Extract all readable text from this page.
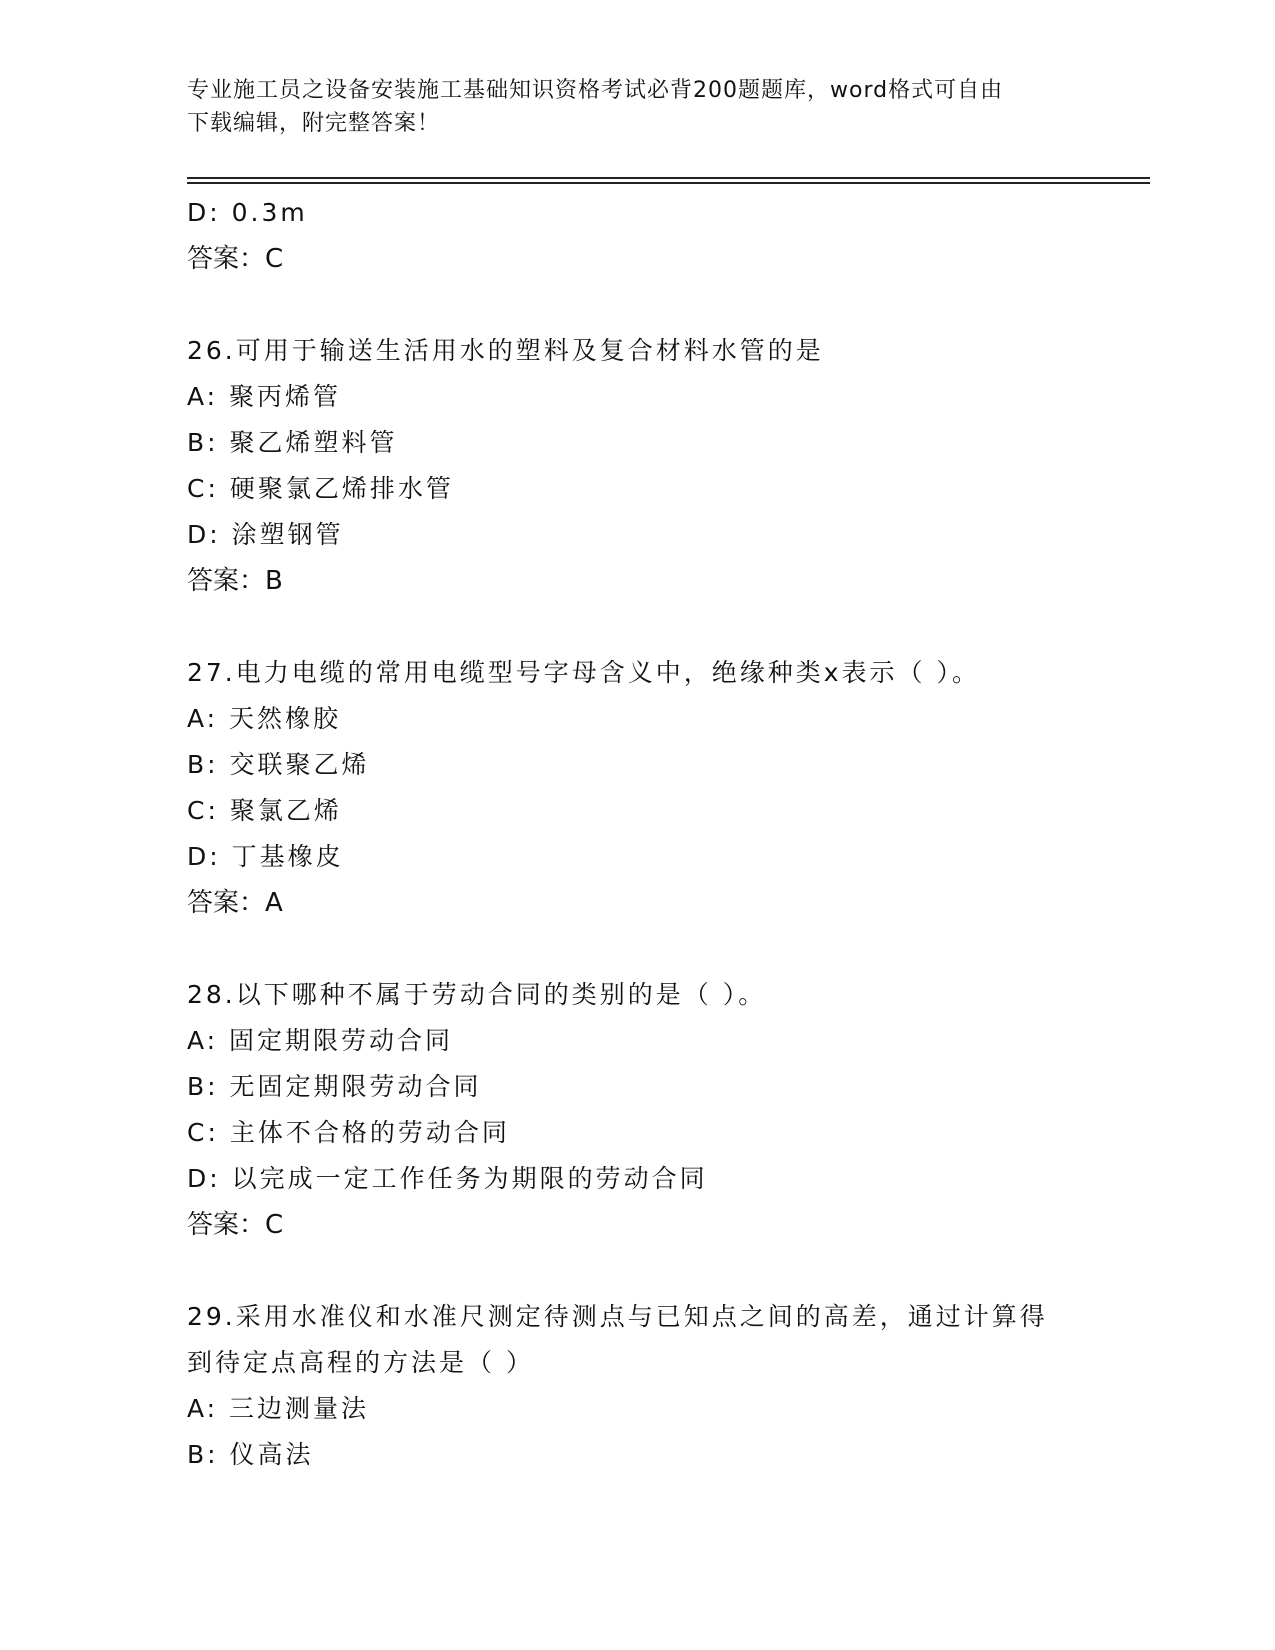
专业施工员之设备安装施工基础知识资格考试必背200题题库，word格式可自由
下载编辑，附完整答案！
D: 0.3m
答案：C
26.可用于输送生活用水的塑料及复合材料水管的是
A: 聚丙烯管
B: 聚乙烯塑料管
C: 硬聚氯乙烯排水管
D: 涂塑钢管
答案：B
27.电力电缆的常用电缆型号字母含义中，绝缘种类x表示（ ）。
A: 天然橡胶
B: 交联聚乙烯
C: 聚氯乙烯
D: 丁基橡皮
答案：A
28.以下哪种不属于劳动合同的类别的是（ ）。
A: 固定期限劳动合同
B: 无固定期限劳动合同
C: 主体不合格的劳动合同
D: 以完成一定工作任务为期限的劳动合同
答案：C
29.采用水准仪和水准尺测定待测点与已知点之间的高差，通过计算得
到待定点高程的方法是（ ）
A: 三边测量法
B: 仪高法
